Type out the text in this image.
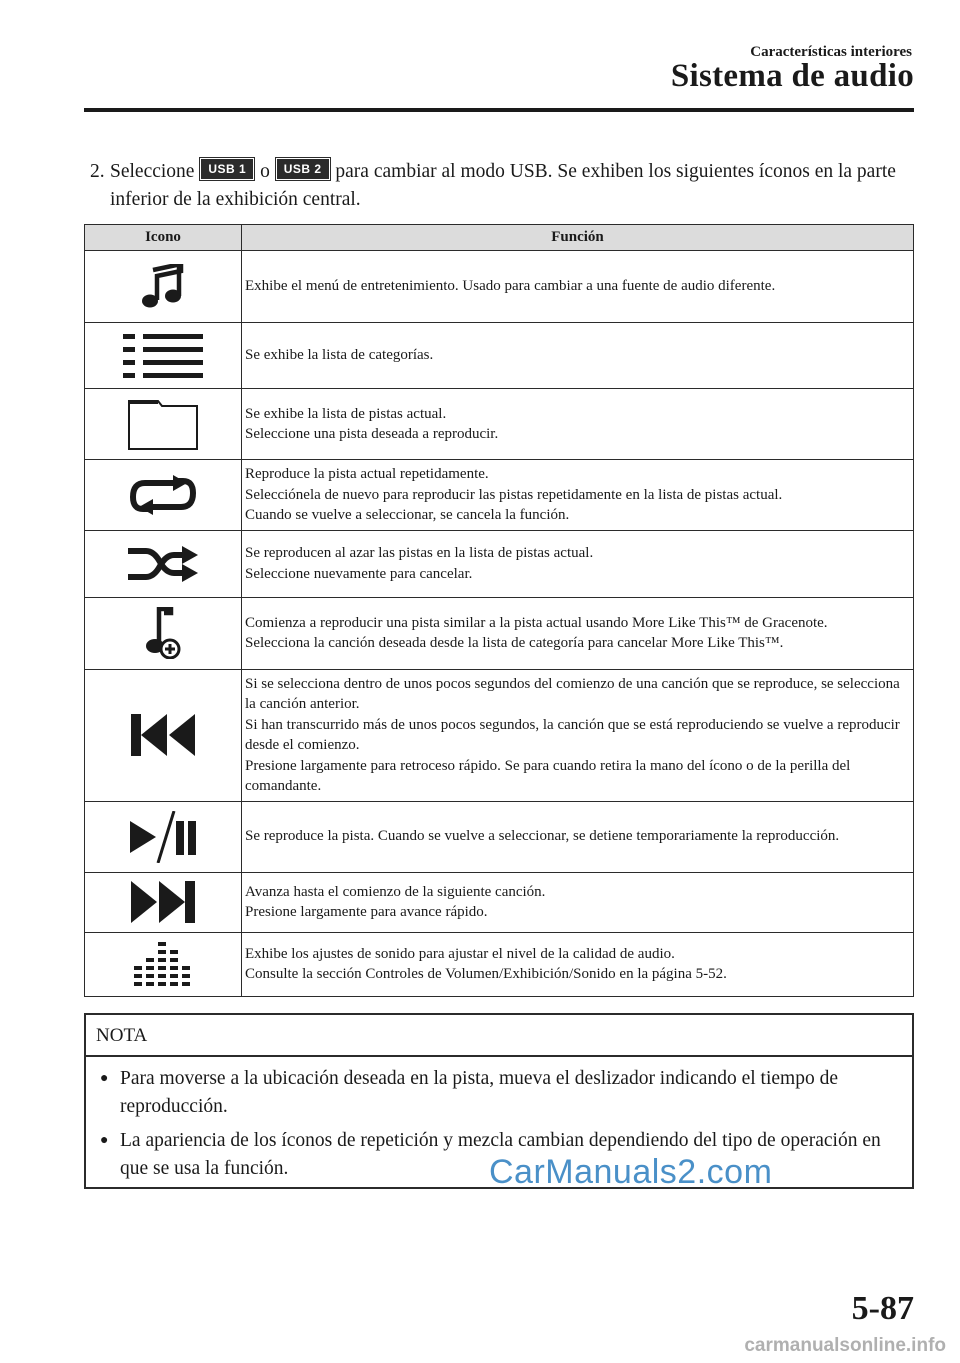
Características interiores
Sistema de audio
2. Seleccione USB 1 o USB 2 para cambiar al modo USB. Se exhiben los siguientes íconos en la parte inferior de la exhibición central.
Icono	Función

Exhibe el menú de entretenimiento. Usado para cambiar a una fuente de audio diferente.

Se exhibe la lista de categorías.

Se exhibe la lista de pistas actual.
Seleccione una pista deseada a reproducir.

Reproduce la pista actual repetidamente.
Selecciónela de nuevo para reproducir las pistas repetidamente en la lista de pistas actual.
Cuando se vuelve a seleccionar, se cancela la función.

Se reproducen al azar las pistas en la lista de pistas actual.
Seleccione nuevamente para cancelar.

Comienza a reproducir una pista similar a la pista actual usando More Like This™ de Gracenote.
Selecciona la canción deseada desde la lista de categoría para cancelar More Like This™.

Si se selecciona dentro de unos pocos segundos del comienzo de una canción que se reproduce, se selecciona la canción anterior.
Si han transcurrido más de unos pocos segundos, la canción que se está reproduciendo se vuelve a reproducir desde el comienzo.
Presione largamente para retroceso rápido. Se para cuando retira la mano del ícono o de la perilla del comandante.

Se reproduce la pista. Cuando se vuelve a seleccionar, se detiene temporariamente la reproducción.

Avanza hasta el comienzo de la siguiente canción.
Presione largamente para avance rápido.

Exhibe los ajustes de sonido para ajustar el nivel de la calidad de audio.
Consulte la sección Controles de Volumen/Exhibición/Sonido en la página 5-52.
NOTA
● Para moverse a la ubicación deseada en la pista, mueva el deslizador indicando el tiempo de reproducción.
● La apariencia de los íconos de repetición y mezcla cambian dependiendo del tipo de operación en que se usa la función.	CarManuals2.com
5-87
carmanualsonline.info
